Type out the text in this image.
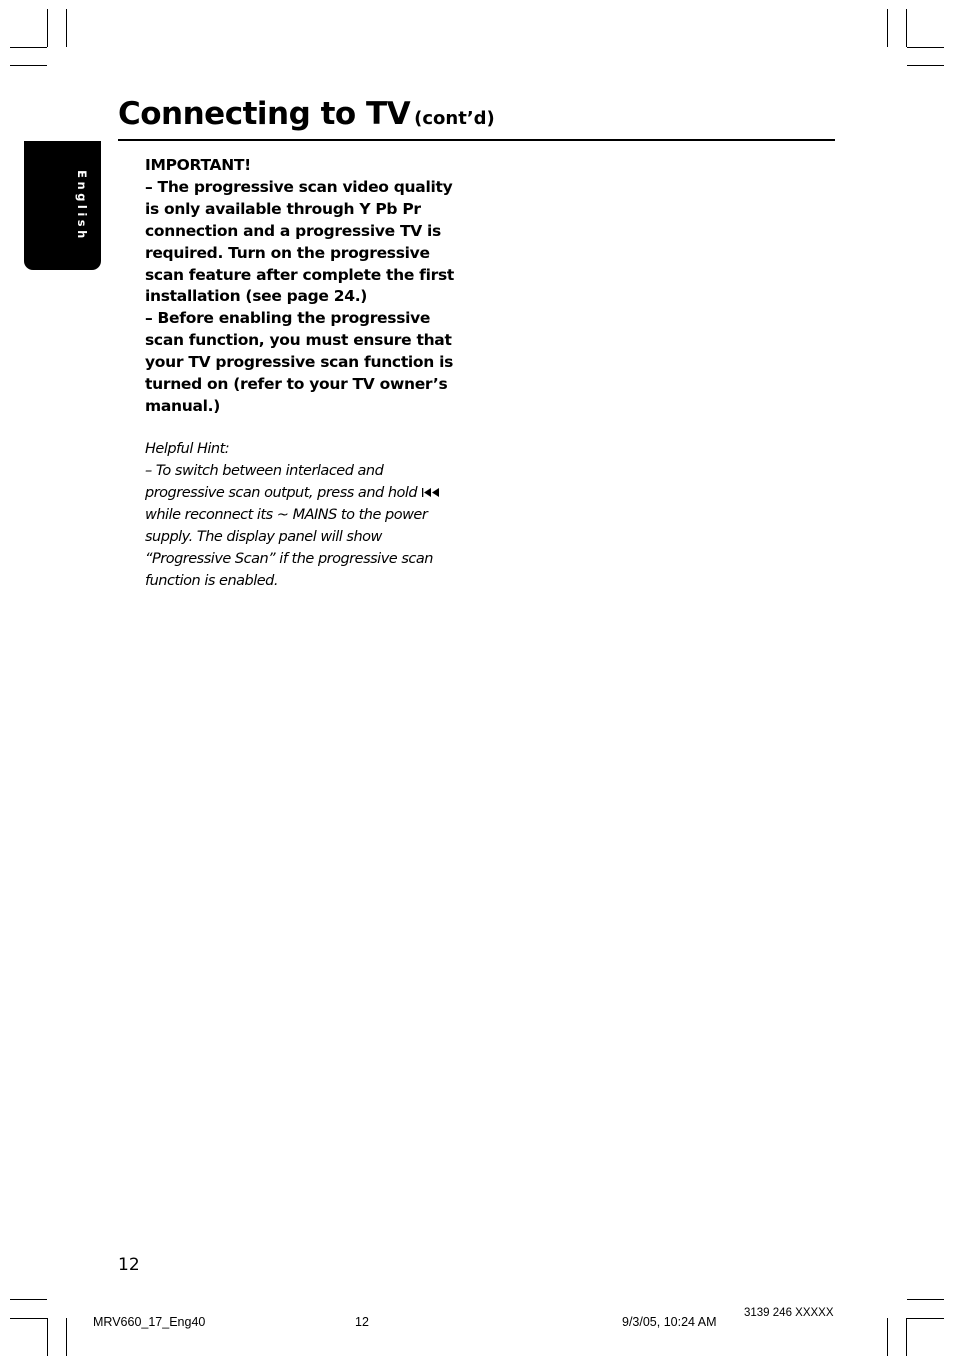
Connecting to TV (cont’d)
English
IMPORTANT!
– The progressive scan video quality
is only available through Y Pb Pr
connection and a progressive TV is
required. Turn on the progressive
scan feature after complete the first
installation (see page 24.)
– Before enabling the progressive
scan function, you must ensure that
your TV progressive scan function is
turned on (refer to your TV owner’s
manual.)
Helpful Hint:
– To switch between interlaced and
progressive scan output, press and hold
while reconnect its ~ MAINS to the power
supply. The display panel will show
“Progressive Scan” if the progressive scan
function is enabled.
12
MRV660_17_Eng40	12	9/3/05, 10:24 AM
3139 246 XXXXX
